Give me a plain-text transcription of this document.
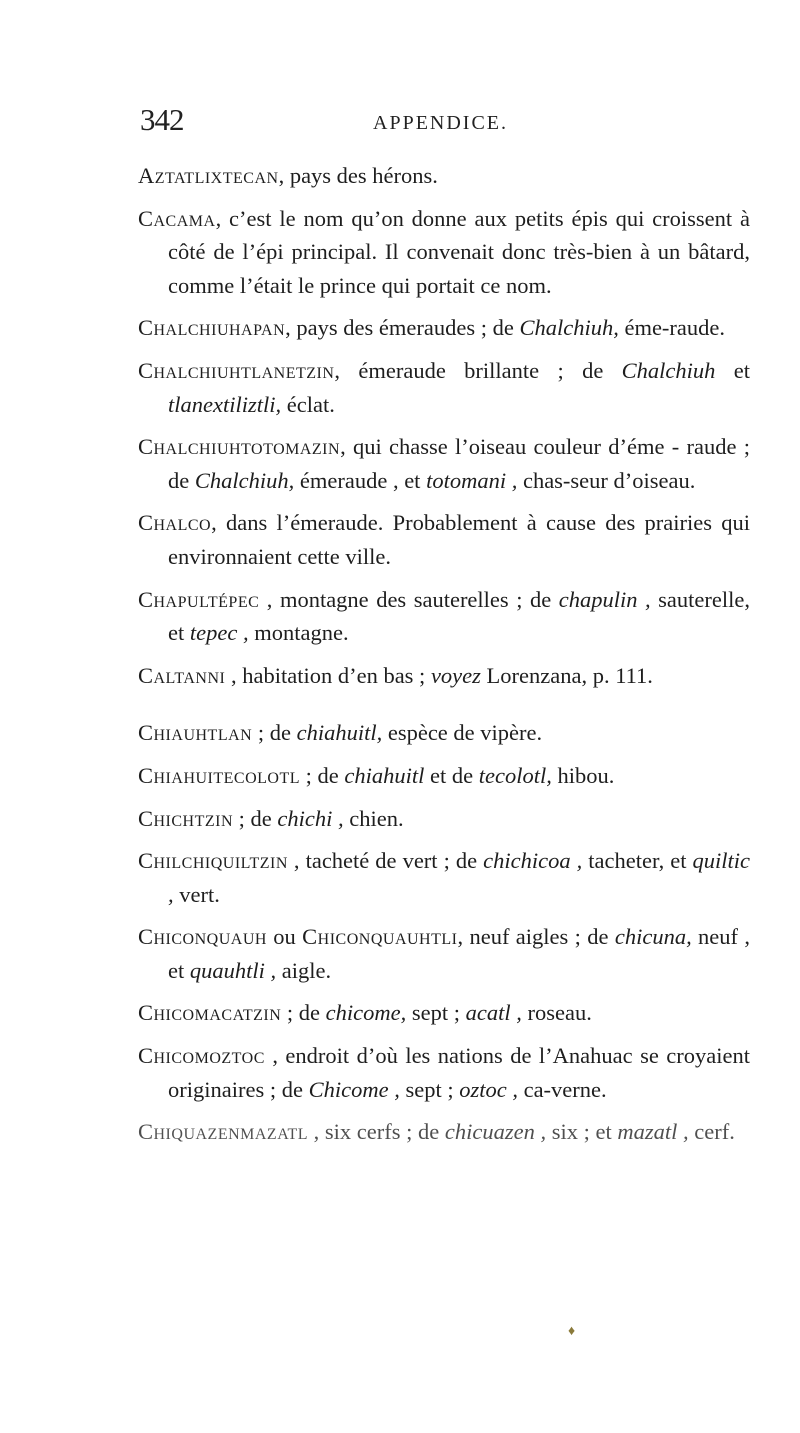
342	APPENDICE.

Aztatlixtecan, pays des hérons.

Cacama, c’est le nom qu’on donne aux petits épis qui croissent à côté de l’épi principal. Il convenait donc très-bien à un bâtard, comme l’était le prince qui portait ce nom.

Chalchiuhapan, pays des émeraudes ; de Chalchiuh, éme-raude.

Chalchiuhtlanetzin, émeraude brillante ; de Chalchiuh et tlanextiliztli, éclat.

Chalchiuhtotomazin, qui chasse l’oiseau couleur d’éme - raude ; de Chalchiuh, émeraude , et totomani , chas-seur d’oiseau.

Chalco, dans l’émeraude. Probablement à cause des prairies qui environnaient cette ville.

Chapultépec , montagne des sauterelles ; de chapulin , sauterelle, et tepec , montagne.

Caltanni , habitation d’en bas ; voyez Lorenzana, p. 111.

Chiauhtlan ; de chiahuitl, espèce de vipère.

Chiahuitecolotl ; de chiahuitl et de tecolotl, hibou.

Chichtzin ; de chichi , chien.

Chilchiquiltzin , tacheté de vert ; de chichicoa , tacheter, et quiltic , vert.

Chiconquauh ou Chiconquauhtli, neuf aigles ; de chicuna, neuf , et quauhtli , aigle.

Chicomacatzin ; de chicome, sept ; acatl , roseau.

Chicomoztoc , endroit d’où les nations de l’Anahuac se croyaient originaires ; de Chicome , sept ; oztoc , ca-verne.

Chiquazenmazatl , six cerfs ; de chicuazen , six ; et mazatl , cerf.

♦
